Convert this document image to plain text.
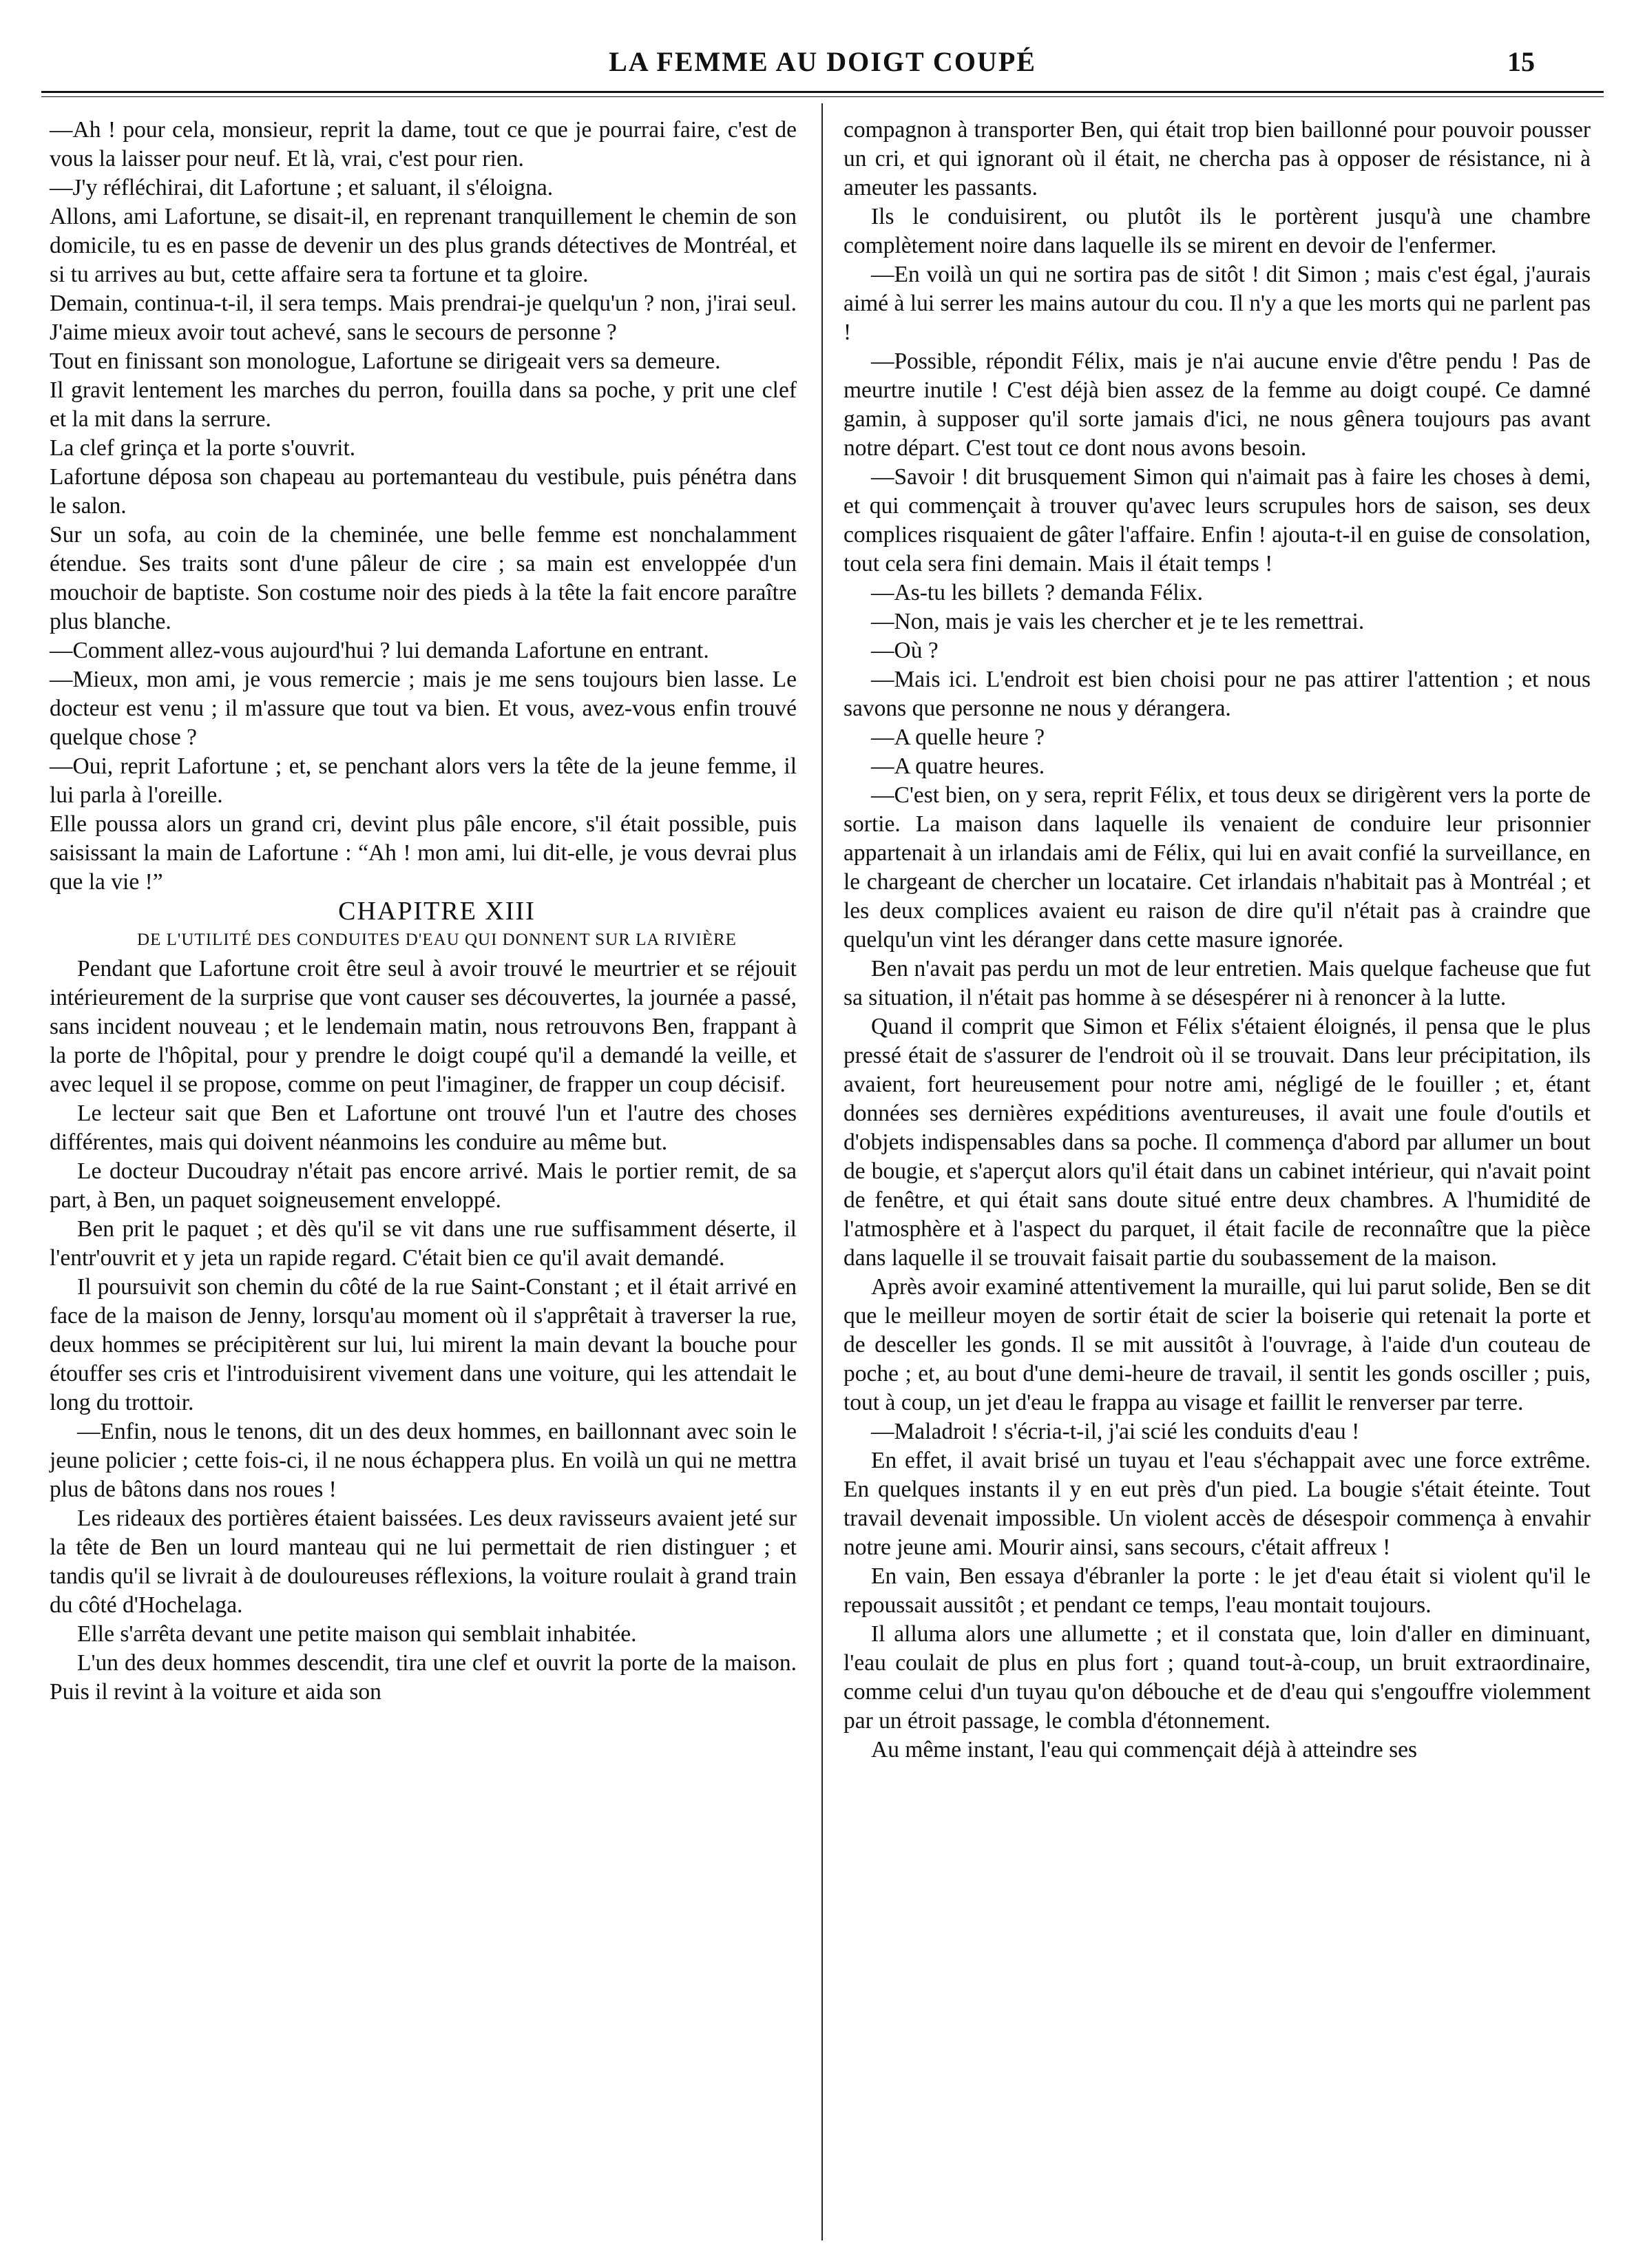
LA FEMME AU DOIGT COUPÉ	15

—Ah ! pour cela, monsieur, reprit la dame, tout ce que je pourrai faire, c'est de vous la laisser pour neuf. Et là, vrai, c'est pour rien.

—J'y réfléchirai, dit Lafortune ; et saluant, il s'éloigna.

Allons, ami Lafortune, se disait-il, en reprenant tranquillement le chemin de son domicile, tu es en passe de devenir un des plus grands détectives de Montréal, et si tu arrives au but, cette affaire sera ta fortune et ta gloire.

Demain, continua-t-il, il sera temps. Mais prendrai-je quelqu'un ? non, j'irai seul. J'aime mieux avoir tout achevé, sans le secours de personne ?

Tout en finissant son monologue, Lafortune se dirigeait vers sa demeure.

Il gravit lentement les marches du perron, fouilla dans sa poche, y prit une clef et la mit dans la serrure.

La clef grinça et la porte s'ouvrit.

Lafortune déposa son chapeau au portemanteau du vestibule, puis pénétra dans le salon.

Sur un sofa, au coin de la cheminée, une belle femme est nonchalamment étendue. Ses traits sont d'une pâleur de cire ; sa main est enveloppée d'un mouchoir de baptiste. Son costume noir des pieds à la tête la fait encore paraître plus blanche.

—Comment allez-vous aujourd'hui ? lui demanda Lafortune en entrant.

—Mieux, mon ami, je vous remercie ; mais je me sens toujours bien lasse. Le docteur est venu ; il m'assure que tout va bien. Et vous, avez-vous enfin trouvé quelque chose ?

—Oui, reprit Lafortune ; et, se penchant alors vers la tête de la jeune femme, il lui parla à l'oreille.

Elle poussa alors un grand cri, devint plus pâle encore, s'il était possible, puis saisissant la main de Lafortune : “Ah ! mon ami, lui dit-elle, je vous devrai plus que la vie !”

CHAPITRE XIII

DE L'UTILITÉ DES CONDUITES D'EAU QUI DONNENT SUR LA RIVIÈRE

Pendant que Lafortune croit être seul à avoir trouvé le meurtrier et se réjouit intérieurement de la surprise que vont causer ses découvertes, la journée a passé, sans incident nouveau ; et le lendemain matin, nous retrouvons Ben, frappant à la porte de l'hôpital, pour y prendre le doigt coupé qu'il a demandé la veille, et avec lequel il se propose, comme on peut l'imaginer, de frapper un coup décisif.

Le lecteur sait que Ben et Lafortune ont trouvé l'un et l'autre des choses différentes, mais qui doivent néanmoins les conduire au même but.

Le docteur Ducoudray n'était pas encore arrivé. Mais le portier remit, de sa part, à Ben, un paquet soigneusement enveloppé.

Ben prit le paquet ; et dès qu'il se vit dans une rue suffisamment déserte, il l'entr'ouvrit et y jeta un rapide regard. C'était bien ce qu'il avait demandé.

Il poursuivit son chemin du côté de la rue Saint-Constant ; et il était arrivé en face de la maison de Jenny, lorsqu'au moment où il s'apprêtait à traverser la rue, deux hommes se précipitèrent sur lui, lui mirent la main devant la bouche pour étouffer ses cris et l'introduisirent vivement dans une voiture, qui les attendait le long du trottoir.

—Enfin, nous le tenons, dit un des deux hommes, en baillonnant avec soin le jeune policier ; cette fois-ci, il ne nous échappera plus. En voilà un qui ne mettra plus de bâtons dans nos roues !

Les rideaux des portières étaient baissées. Les deux ravisseurs avaient jeté sur la tête de Ben un lourd manteau qui ne lui permettait de rien distinguer ; et tandis qu'il se livrait à de douloureuses réflexions, la voiture roulait à grand train du côté d'Hochelaga.

Elle s'arrêta devant une petite maison qui semblait inhabitée.

L'un des deux hommes descendit, tira une clef et ouvrit la porte de la maison. Puis il revint à la voiture et aida son

compagnon à transporter Ben, qui était trop bien baillonné pour pouvoir pousser un cri, et qui ignorant où il était, ne chercha pas à opposer de résistance, ni à ameuter les passants.

Ils le conduisirent, ou plutôt ils le portèrent jusqu'à une chambre complètement noire dans laquelle ils se mirent en devoir de l'enfermer.

—En voilà un qui ne sortira pas de sitôt ! dit Simon ; mais c'est égal, j'aurais aimé à lui serrer les mains autour du cou. Il n'y a que les morts qui ne parlent pas !

—Possible, répondit Félix, mais je n'ai aucune envie d'être pendu ! Pas de meurtre inutile ! C'est déjà bien assez de la femme au doigt coupé. Ce damné gamin, à supposer qu'il sorte jamais d'ici, ne nous gênera toujours pas avant notre départ. C'est tout ce dont nous avons besoin.

—Savoir ! dit brusquement Simon qui n'aimait pas à faire les choses à demi, et qui commençait à trouver qu'avec leurs scrupules hors de saison, ses deux complices risquaient de gâter l'affaire. Enfin ! ajouta-t-il en guise de consolation, tout cela sera fini demain. Mais il était temps !

—As-tu les billets ? demanda Félix.

—Non, mais je vais les chercher et je te les remettrai.

—Où ?

—Mais ici. L'endroit est bien choisi pour ne pas attirer l'attention ; et nous savons que personne ne nous y dérangera.

—A quelle heure ?

—A quatre heures.

—C'est bien, on y sera, reprit Félix, et tous deux se dirigèrent vers la porte de sortie. La maison dans laquelle ils venaient de conduire leur prisonnier appartenait à un irlandais ami de Félix, qui lui en avait confié la surveillance, en le chargeant de chercher un locataire. Cet irlandais n'habitait pas à Montréal ; et les deux complices avaient eu raison de dire qu'il n'était pas à craindre que quelqu'un vint les déranger dans cette masure ignorée.

Ben n'avait pas perdu un mot de leur entretien. Mais quelque facheuse que fut sa situation, il n'était pas homme à se désespérer ni à renoncer à la lutte.

Quand il comprit que Simon et Félix s'étaient éloignés, il pensa que le plus pressé était de s'assurer de l'endroit où il se trouvait. Dans leur précipitation, ils avaient, fort heureusement pour notre ami, négligé de le fouiller ; et, étant données ses dernières expéditions aventureuses, il avait une foule d'outils et d'objets indispensables dans sa poche. Il commença d'abord par allumer un bout de bougie, et s'aperçut alors qu'il était dans un cabinet intérieur, qui n'avait point de fenêtre, et qui était sans doute situé entre deux chambres. A l'humidité de l'atmosphère et à l'aspect du parquet, il était facile de reconnaître que la pièce dans laquelle il se trouvait faisait partie du soubassement de la maison.

Après avoir examiné attentivement la muraille, qui lui parut solide, Ben se dit que le meilleur moyen de sortir était de scier la boiserie qui retenait la porte et de desceller les gonds. Il se mit aussitôt à l'ouvrage, à l'aide d'un couteau de poche ; et, au bout d'une demi-heure de travail, il sentit les gonds osciller ; puis, tout à coup, un jet d'eau le frappa au visage et faillit le renverser par terre.

—Maladroit ! s'écria-t-il, j'ai scié les conduits d'eau !

En effet, il avait brisé un tuyau et l'eau s'échappait avec une force extrême. En quelques instants il y en eut près d'un pied. La bougie s'était éteinte. Tout travail devenait impossible. Un violent accès de désespoir commença à envahir notre jeune ami. Mourir ainsi, sans secours, c'était affreux !

En vain, Ben essaya d'ébranler la porte : le jet d'eau était si violent qu'il le repoussait aussitôt ; et pendant ce temps, l'eau montait toujours.

Il alluma alors une allumette ; et il constata que, loin d'aller en diminuant, l'eau coulait de plus en plus fort ; quand tout-à-coup, un bruit extraordinaire, comme celui d'un tuyau qu'on débouche et de d'eau qui s'engouffre violemment par un étroit passage, le combla d'étonnement.

Au même instant, l'eau qui commençait déjà à atteindre ses
